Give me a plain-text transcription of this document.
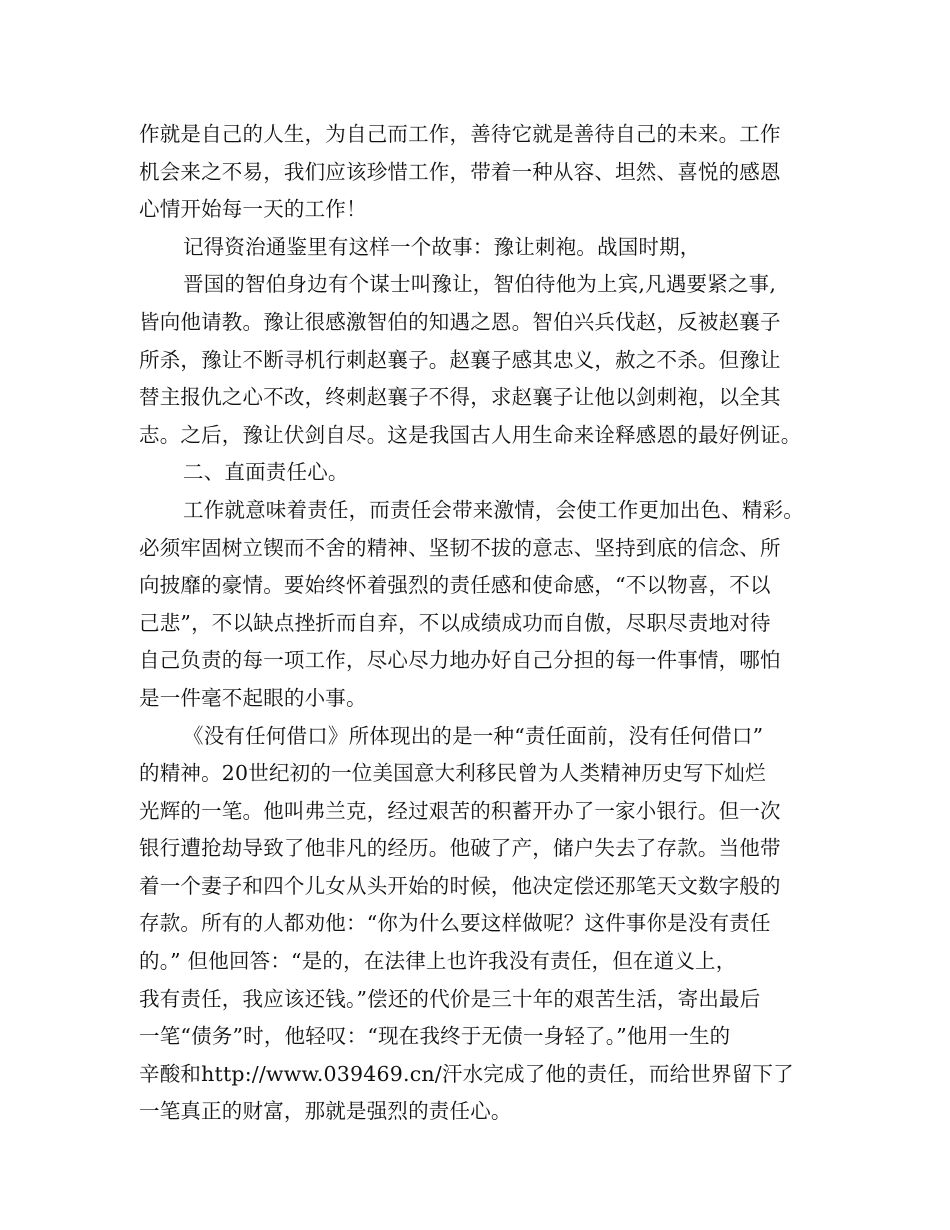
作就是自己的人生，为自己而工作，善待它就是善待自己的未来。工作
机会来之不易，我们应该珍惜工作，带着一种从容、坦然、喜悦的感恩
心情开始每一天的工作！
记得资治通鉴里有这样一个故事：豫让刺袍。战国时期，
晋国的智伯身边有个谋士叫豫让，智伯待他为上宾,凡遇要紧之事,
皆向他请教。豫让很感激智伯的知遇之恩。智伯兴兵伐赵，反被赵襄子
所杀，豫让不断寻机行刺赵襄子。赵襄子感其忠义，赦之不杀。但豫让
替主报仇之心不改，终刺赵襄子不得，求赵襄子让他以剑刺袍，以全其
志。之后，豫让伏剑自尽。这是我国古人用生命来诠释感恩的最好例证。
二、直面责任心。
工作就意味着责任，而责任会带来激情，会使工作更加出色、精彩。
必须牢固树立锲而不舍的精神、坚韧不拔的意志、坚持到底的信念、所
向披靡的豪情。要始终怀着强烈的责任感和使命感，“不以物喜，不以
己悲”，不以缺点挫折而自弃，不以成绩成功而自傲，尽职尽责地对待
自己负责的每一项工作，尽心尽力地办好自己分担的每一件事情，哪怕
是一件毫不起眼的小事。
《没有任何借口》所体现出的是一种“责任面前，没有任何借口”
的精神。20世纪初的一位美国意大利移民曾为人类精神历史写下灿烂
光辉的一笔。他叫弗兰克，经过艰苦的积蓄开办了一家小银行。但一次
银行遭抢劫导致了他非凡的经历。他破了产，储户失去了存款。当他带
着一个妻子和四个儿女从头开始的时候，他决定偿还那笔天文数字般的
存款。所有的人都劝他：“你为什么要这样做呢？这件事你是没有责任
的。” 但他回答：“是的，在法律上也许我没有责任，但在道义上，
我有责任，我应该还钱。”偿还的代价是三十年的艰苦生活，寄出最后
一笔“债务”时，他轻叹：“现在我终于无债一身轻了。”他用一生的
辛酸和http://www.039469.cn/汗水完成了他的责任，而给世界留下了
一笔真正的财富，那就是强烈的责任心。
